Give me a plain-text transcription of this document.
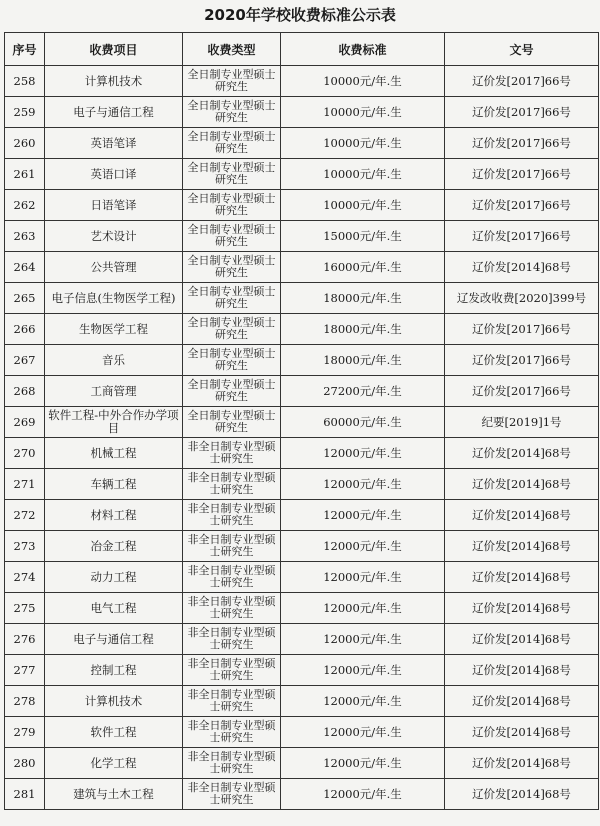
2020年学校收费标准公示表
序号	收费项目	收费类型	收费标准	文号
258	计算机技术	全日制专业型硕士研究生	10000元/年.生	辽价发[2017]66号
259	电子与通信工程	全日制专业型硕士研究生	10000元/年.生	辽价发[2017]66号
260	英语笔译	全日制专业型硕士研究生	10000元/年.生	辽价发[2017]66号
261	英语口译	全日制专业型硕士研究生	10000元/年.生	辽价发[2017]66号
262	日语笔译	全日制专业型硕士研究生	10000元/年.生	辽价发[2017]66号
263	艺术设计	全日制专业型硕士研究生	15000元/年.生	辽价发[2017]66号
264	公共管理	全日制专业型硕士研究生	16000元/年.生	辽价发[2014]68号
265	电子信息(生物医学工程)	全日制专业型硕士研究生	18000元/年.生	辽发改收费[2020]399号
266	生物医学工程	全日制专业型硕士研究生	18000元/年.生	辽价发[2017]66号
267	音乐	全日制专业型硕士研究生	18000元/年.生	辽价发[2017]66号
268	工商管理	全日制专业型硕士研究生	27200元/年.生	辽价发[2017]66号
269	软件工程-中外合作办学项目	全日制专业型硕士研究生	60000元/年.生	纪要[2019]1号
270	机械工程	非全日制专业型硕士研究生	12000元/年.生	辽价发[2014]68号
271	车辆工程	非全日制专业型硕士研究生	12000元/年.生	辽价发[2014]68号
272	材料工程	非全日制专业型硕士研究生	12000元/年.生	辽价发[2014]68号
273	冶金工程	非全日制专业型硕士研究生	12000元/年.生	辽价发[2014]68号
274	动力工程	非全日制专业型硕士研究生	12000元/年.生	辽价发[2014]68号
275	电气工程	非全日制专业型硕士研究生	12000元/年.生	辽价发[2014]68号
276	电子与通信工程	非全日制专业型硕士研究生	12000元/年.生	辽价发[2014]68号
277	控制工程	非全日制专业型硕士研究生	12000元/年.生	辽价发[2014]68号
278	计算机技术	非全日制专业型硕士研究生	12000元/年.生	辽价发[2014]68号
279	软件工程	非全日制专业型硕士研究生	12000元/年.生	辽价发[2014]68号
280	化学工程	非全日制专业型硕士研究生	12000元/年.生	辽价发[2014]68号
281	建筑与土木工程	非全日制专业型硕士研究生	12000元/年.生	辽价发[2014]68号
